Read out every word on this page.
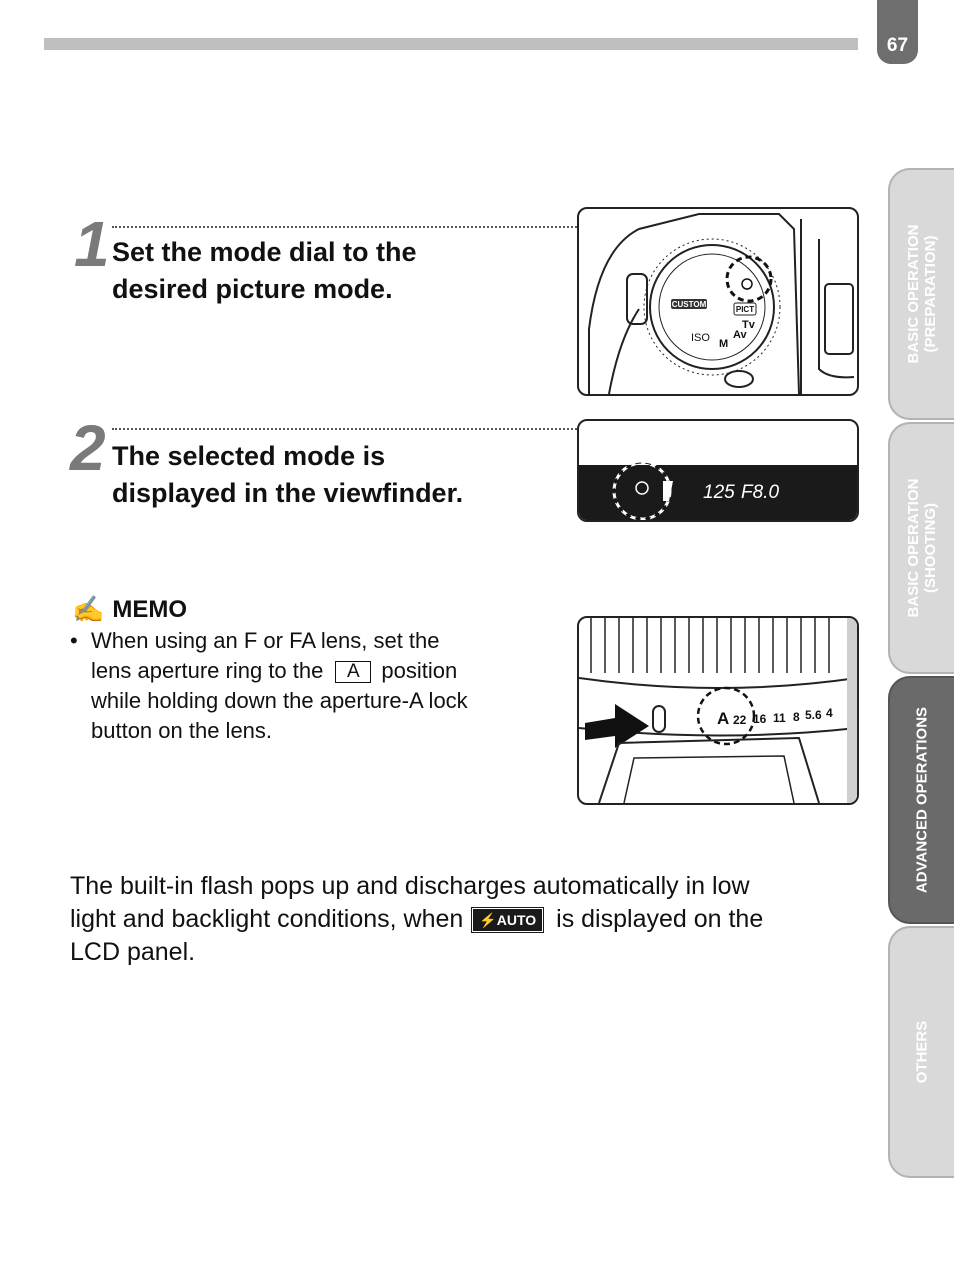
67
BASIC OPERATION (PREPARATION)
BASIC OPERATION (SHOOTING)
ADVANCED OPERATIONS
OTHERS
1 Set the mode dial to the
desired picture mode.
2 The selected mode is
displayed in the viewfinder.
CUSTOM
PICT
ISO M
Av
Tv
125 F8.0
A 22 16 11 8 5.6 4
✍ MEMO
• When using an F or FA lens, set the
lens aperture ring to the A position
while holding down the aperture-A lock
button on the lens.
The built-in flash pops up and discharges automatically in low
light and backlight conditions, when ⚡AUTO is displayed on the
LCD panel.
